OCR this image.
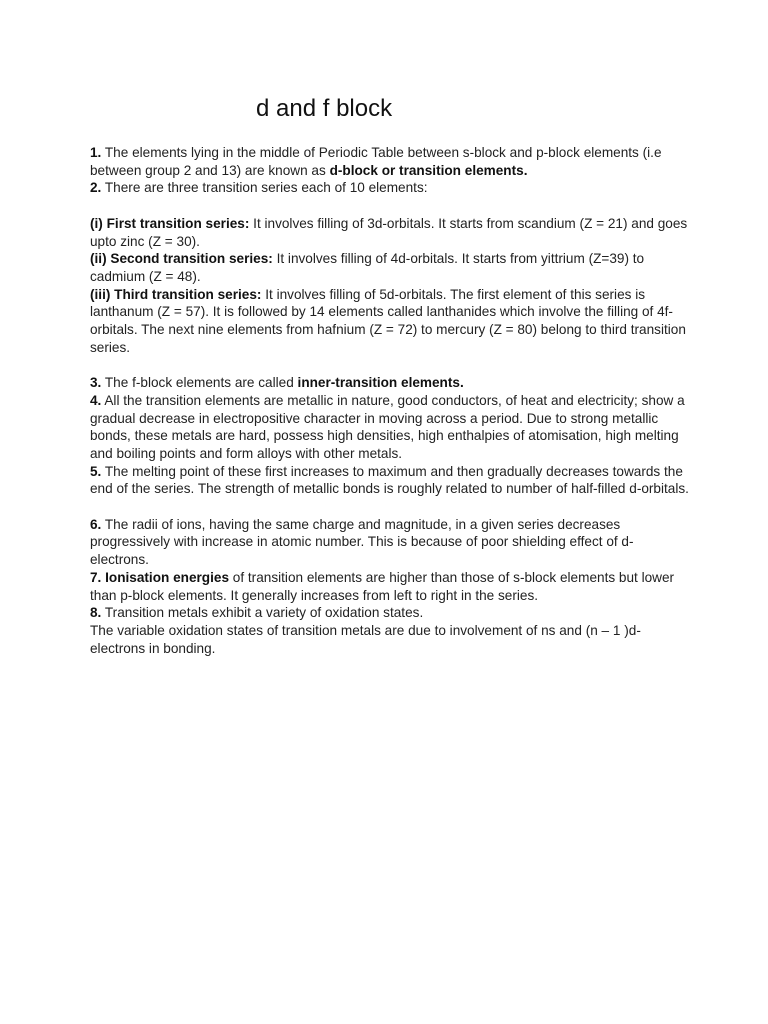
d and f block

1. The elements lying in the middle of Periodic Table between s-block and p-block elements (i.e between group 2 and 13) are known as d-block or transition elements.

2. There are three transition series each of 10 elements:

(i) First transition series: It involves filling of 3d-orbitals. It starts from scandium (Z = 21) and goes upto zinc (Z = 30).

(ii) Second transition series: It involves filling of 4d-orbitals. It starts from yittrium (Z=39) to cadmium (Z = 48).

(iii) Third transition series: It involves filling of 5d-orbitals. The first element of this series is lanthanum (Z = 57). It is followed by 14 elements called lanthanides which involve the filling of 4f-orbitals. The next nine elements from hafnium (Z = 72) to mercury (Z = 80) belong to third transition series.

3. The f-block elements are called inner-transition elements.

4. All the transition elements are metallic in nature, good conductors, of heat and electricity; show a gradual decrease in electropositive character in moving across a period. Due to strong metallic bonds, these metals are hard, possess high densities, high enthalpies of atomisation, high melting and boiling points and form alloys with other metals.

5. The melting point of these first increases to maximum and then gradually decreases towards the end of the series. The strength of metallic bonds is roughly related to number of half-filled d-orbitals.

6. The radii of ions, having the same charge and magnitude, in a given series decreases progressively with increase in atomic number. This is because of poor shielding effect of d-electrons.

7. Ionisation energies of transition elements are higher than those of s-block elements but lower than p-block elements. It generally increases from left to right in the series.

8. Transition metals exhibit a variety of oxidation states.

The variable oxidation states of transition metals are due to involvement of ns and (n – 1 )d- electrons in bonding.
